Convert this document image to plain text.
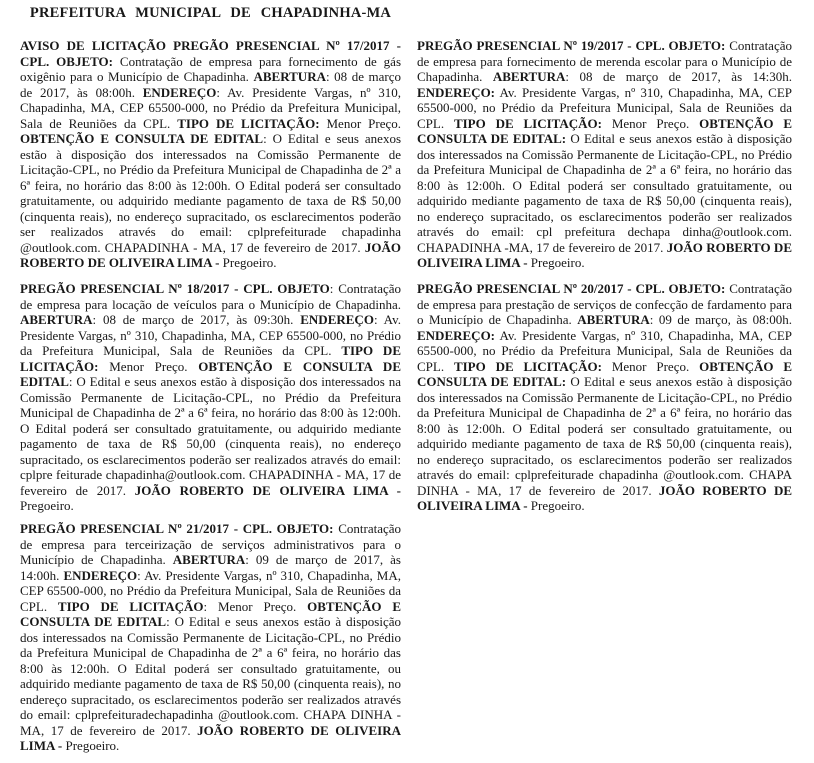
PREFEITURA MUNICIPAL DE CHAPADINHA-MA
AVISO DE LICITAÇÃO PREGÃO PRESENCIAL Nº 17/2017 - CPL. OBJETO: Contratação de empresa para fornecimento de gás oxigênio para o Município de Chapadinha. ABERTURA: 08 de março de 2017, às 08:00h. ENDEREÇO: Av. Presidente Vargas, nº 310, Chapadinha, MA, CEP 65500-000, no Prédio da Prefeitura Municipal, Sala de Reuniões da CPL. TIPO DE LICITAÇÃO: Menor Preço. OBTENÇÃO E CONSULTA DE EDITAL: O Edital e seus anexos estão à disposição dos interessados na Comissão Permanente de Licitação-CPL, no Prédio da Prefeitura Municipal de Chapadinha de 2ª a 6ª feira, no horário das 8:00 às 12:00h. O Edital poderá ser consultado gratuitamente, ou adquirido mediante pagamento de taxa de R$ 50,00 (cinquenta reais), no endereço supracitado, os esclarecimentos poderão ser realizados através do email: cplprefeiturade chapadinha @outlook.com. CHAPADINHA - MA, 17 de fevereiro de 2017. JOÃO ROBERTO DE OLIVEIRA LIMA - Pregoeiro.
PREGÃO PRESENCIAL Nº 18/2017 - CPL. OBJETO: Contratação de empresa para locação de veículos para o Município de Chapadinha. ABERTURA: 08 de março de 2017, às 09:30h. ENDEREÇO: Av. Presidente Vargas, nº 310, Chapadinha, MA, CEP 65500-000, no Prédio da Prefeitura Municipal, Sala de Reuniões da CPL. TIPO DE LICITAÇÃO: Menor Preço. OBTENÇÃO E CONSULTA DE EDITAL: O Edital e seus anexos estão à disposição dos interessados na Comissão Permanente de Licitação-CPL, no Prédio da Prefeitura Municipal de Chapadinha de 2ª a 6ª feira, no horário das 8:00 às 12:00h. O Edital poderá ser consultado gratuitamente, ou adquirido mediante pagamento de taxa de R$ 50,00 (cinquenta reais), no endereço supracitado, os esclarecimentos poderão ser realizados através do email: cplpre feiturade chapadinha@outlook.com. CHAPADINHA - MA, 17 de fevereiro de 2017. JOÃO ROBERTO DE OLIVEIRA LIMA - Pregoeiro.
PREGÃO PRESENCIAL Nº 21/2017 - CPL. OBJETO: Contratação de empresa para terceirização de serviços administrativos para o Município de Chapadinha. ABERTURA: 09 de março de 2017, às 14:00h. ENDEREÇO: Av. Presidente Vargas, nº 310, Chapadinha, MA, CEP 65500-000, no Prédio da Prefeitura Municipal, Sala de Reuniões da CPL. TIPO DE LICITAÇÃO: Menor Preço. OBTENÇÃO E CONSULTA DE EDITAL: O Edital e seus anexos estão à disposição dos interessados na Comissão Permanente de Licitação-CPL, no Prédio da Prefeitura Municipal de Chapadinha de 2ª a 6ª feira, no horário das 8:00 às 12:00h. O Edital poderá ser consultado gratuitamente, ou adquirido mediante pagamento de taxa de R$ 50,00 (cinquenta reais), no endereço supracitado, os esclarecimentos poderão ser realizados através do email: cplprefeituradechapadinha @outlook.com. CHAPA DINHA - MA, 17 de fevereiro de 2017. JOÃO ROBERTO DE OLIVEIRA LIMA - Pregoeiro.
PREGÃO PRESENCIAL Nº 19/2017 - CPL. OBJETO: Contratação de empresa para fornecimento de merenda escolar para o Município de Chapadinha. ABERTURA: 08 de março de 2017, às 14:30h. ENDEREÇO: Av. Presidente Vargas, nº 310, Chapadinha, MA, CEP 65500-000, no Prédio da Prefeitura Municipal, Sala de Reuniões da CPL. TIPO DE LICITAÇÃO: Menor Preço. OBTENÇÃO E CONSULTA DE EDITAL: O Edital e seus anexos estão à disposição dos interessados na Comissão Permanente de Licitação-CPL, no Prédio da Prefeitura Municipal de Chapadinha de 2ª a 6ª feira, no horário das 8:00 às 12:00h. O Edital poderá ser consultado gratuitamente, ou adquirido mediante pagamento de taxa de R$ 50,00 (cinquenta reais), no endereço supracitado, os esclarecimentos poderão ser realizados através do email: cpl prefeitura dechapa dinha@outlook.com. CHAPADINHA -MA, 17 de fevereiro de 2017. JOÃO ROBERTO DE OLIVEIRA LIMA - Pregoeiro.
PREGÃO PRESENCIAL Nº 20/2017 - CPL. OBJETO: Contratação de empresa para prestação de serviços de confecção de fardamento para o Município de Chapadinha. ABERTURA: 09 de março, às 08:00h. ENDEREÇO: Av. Presidente Vargas, nº 310, Chapadinha, MA, CEP 65500-000, no Prédio da Prefeitura Municipal, Sala de Reuniões da CPL. TIPO DE LICITAÇÃO: Menor Preço. OBTENÇÃO E CONSULTA DE EDITAL: O Edital e seus anexos estão à disposição dos interessados na Comissão Permanente de Licitação-CPL, no Prédio da Prefeitura Municipal de Chapadinha de 2ª a 6ª feira, no horário das 8:00 às 12:00h. O Edital poderá ser consultado gratuitamente, ou adquirido mediante pagamento de taxa de R$ 50,00 (cinquenta reais), no endereço supracitado, os esclarecimentos poderão ser realizados através do email: cplprefeiturade chapadinha @outlook.com. CHAPA DINHA - MA, 17 de fevereiro de 2017. JOÃO ROBERTO DE OLIVEIRA LIMA - Pregoeiro.
